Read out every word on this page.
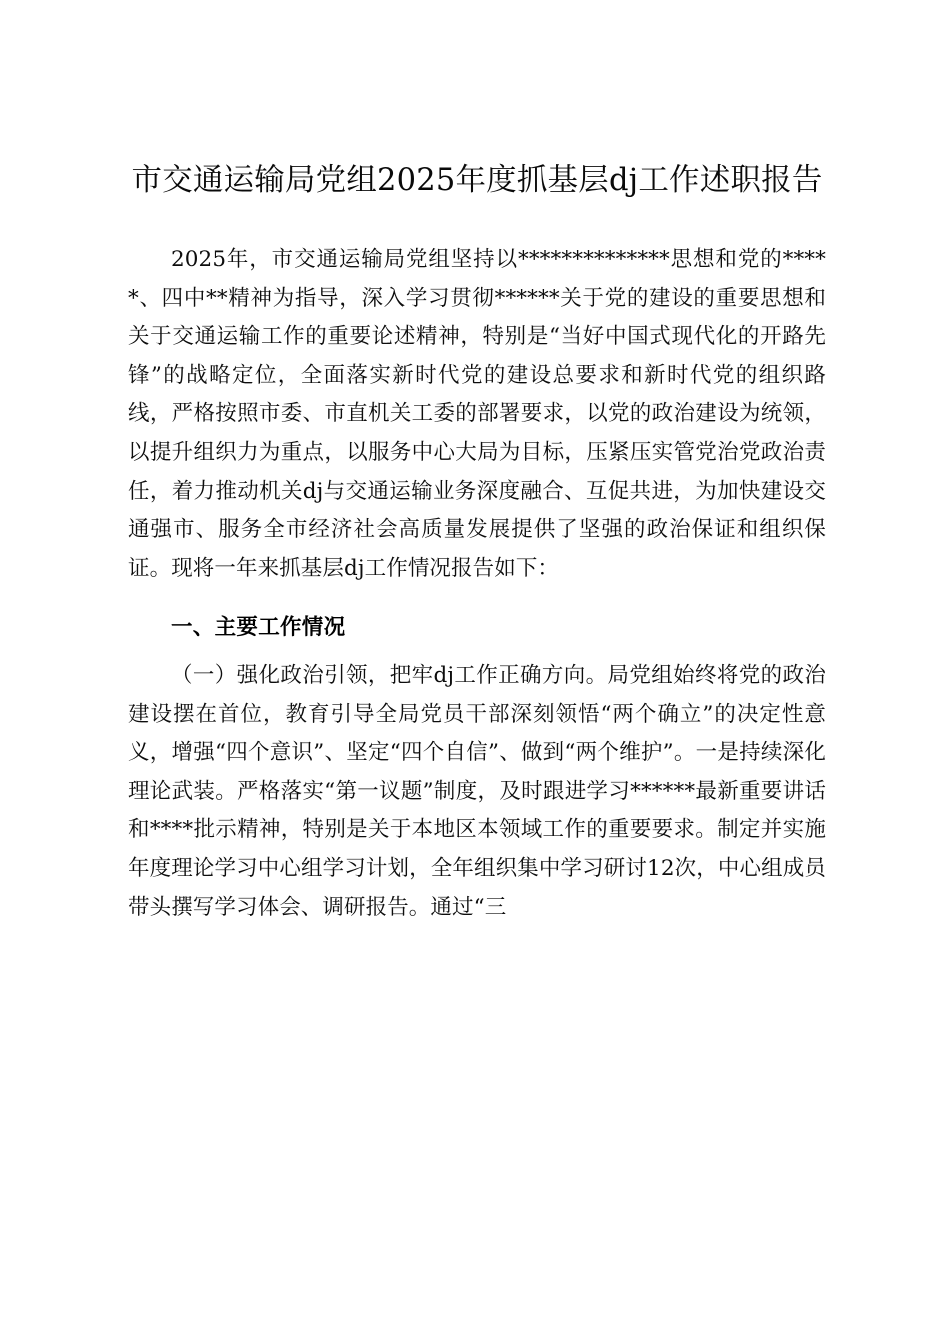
市交通运输局党组2025年度抓基层dj工作述职报告

2025年，市交通运输局党组坚持以**************思想和党的*****、四中**精神为指导，深入学习贯彻******关于党的建设的重要思想和关于交通运输工作的重要论述精神，特别是“当好中国式现代化的开路先锋”的战略定位，全面落实新时代党的建设总要求和新时代党的组织路线，严格按照市委、市直机关工委的部署要求，以党的政治建设为统领，以提升组织力为重点，以服务中心大局为目标，压紧压实管党治党政治责任，着力推动机关dj与交通运输业务深度融合、互促共进，为加快建设交通强市、服务全市经济社会高质量发展提供了坚强的政治保证和组织保证。现将一年来抓基层dj工作情况报告如下：

一、主要工作情况

（一）强化政治引领，把牢dj工作正确方向。局党组始终将党的政治建设摆在首位，教育引导全局党员干部深刻领悟“两个确立”的决定性意义，增强“四个意识”、坚定“四个自信”、做到“两个维护”。一是持续深化理论武装。严格落实“第一议题”制度，及时跟进学习******最新重要讲话和****批示精神，特别是关于本地区本领域工作的重要要求。制定并实施年度理论学习中心组学习计划，全年组织集中学习研讨12次，中心组成员带头撰写学习体会、调研报告。通过“三
